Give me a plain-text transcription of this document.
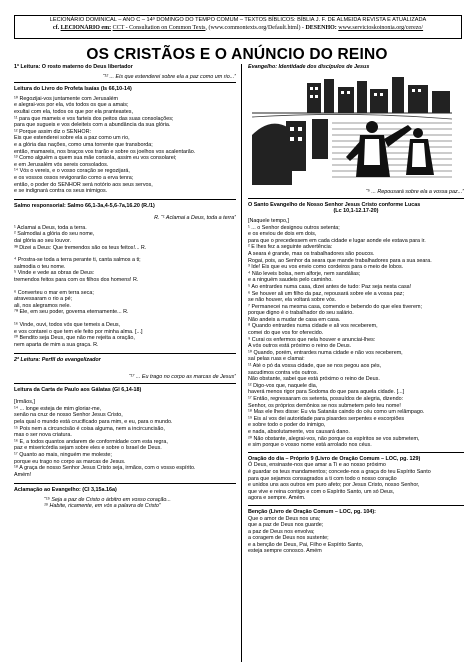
LECIONÁRIO DOMINICAL – ANO C – 14º DOMINGO DO TEMPO COMUM – TEXTOS BÍBLICOS: BÍBLIA J. F. DE ALMEIDA REVISTA E ATUALIZADA
cf. LECIONÁRIO em: CCT - Consultation on Common Texts, (www.commontexts.org/Default.html) - DESENHO: www.servicioskoinonia.org/cerezo/
OS CRISTÃOS E O ANÚNCIO DO REINO
1ª Leitura: O rosto materno do Deus libertador
“¹² ... Eis que estenderei sobre ela a paz como um rio...”
Leitura do Livro do Profeta Isaías (Is 66,10-14)

¹⁰ Regozijai-vos juntamente com Jerusalém

e alegrai-vos por ela, vós todos os que a amais;

exultai com ela, todos os que por ela pranteastes,

¹¹ para que mameis e vos fartеis dos peitos das suas consolações;

para que sugueis e vos deleiteis com a abundância da sua glória.

¹² Porque assim diz o SENHOR:

Eis que estenderei sobre ela a paz como um rio,

e a glória das nações, como uma torrente que transborda;

então, mamareis, nos braços vos trarão e sobre os joelhos vos acalentarão.

¹³ Como alguém a quem sua mãe consola, assim eu vos consolarei;

e em Jerusalém vós sereis consolados.

¹⁴ Vós o vereis, e o vosso coração se regozijará,

e os vossos ossos revigorarão como a erva tenra;

então, o poder do SENHOR será notório aos seus servos,

e se indignará contra os seus inimigos.

Salmo responsorial: Salmo 66,1-3a,4-5,6-7a,16.20 (R./1)
R. “¹ Aclamai a Deus, toda a terra”

¹ Aclamai a Deus, toda a terra.

² Salmodiai a glória do seu nome,

dai glória ao seu louvor.

³ª Dizei a Deus: Que tremendos são os teus feitos!... R.

⁴ Prostra-se toda a terra perante ti, canta salmos a ti;

salmodia o teu nome.

⁵ Vinde e vede as obras de Deus:

tremendos feitos para com os filhos dos homens! R.

⁶ Converteu o mar em terra seca;

atravessaram o rio a pé;

ali, nos alegramos nele.

⁷ª Ele, em seu poder, governa eternamente... R.

¹⁶ Vinde, ouvi, todos vós que temeis a Deus,

e vos contarei o que tem ele feito por minha alma. [...]

²⁰ Bendito seja Deus, que não me rejeita a oração,

nem aparta de mim a sua graça. R.

2ª Leitura: Perfil do evangelizador
“¹⁷ ... Eu trago no corpo as marcas de Jesus”
Leitura da Carta de Paulo aos Gálatas (Gl 6,14-18)

[Irmãos,]

¹⁴ ... longe esteja de mim gloriar-me,

senão na cruz de nosso Senhor Jesus Cristo,

pela qual o mundo está crucificado para mim, e eu, para o mundo.

¹⁵ Pois nem a circuncisão é coisa alguma, nem a incircuncisão,

mas o ser nova criatura.

¹⁶ E, a todos quantos andarem de conformidade com esta regra,

paz e misericórdia sejam sobre eles e sobre o Israel de Deus.

¹⁷ Quanto ao mais, ninguém me moleste;

porque eu trago no corpo as marcas de Jesus.

¹⁸ A graça de nosso Senhor Jesus Cristo seja, irmãos, com o vosso espírito.

Amém!

Aclamação ao Evangelho: (Cl 3,15a.16a)

“¹⁵ Seja a paz de Cristo o árbitro em vosso coração...

¹⁶ Habite, ricamente, em vós a palavra de Cristo”

Evangelho: Identidade dos discípulos de Jesus
“⁵ ... Repousará sobre ela a vossa paz...”
O Santo Evangelho de Nosso Senhor Jesus Cristo conforme Lucas
(Lc 10,1-12.17-20)

[Naquele tempo,]

¹ ... o Senhor designou outros setenta;

e os enviou de dois em dois,

para que o precedessem em cada cidade e lugar aonde ele estava para ir.

² E lhes fez a seguinte advertência:

A seara é grande, mas os trabalhadores são poucos.

Rogai, pois, ao Senhor da seara que mande trabalhadores para a sua seara.

³ Ide! Eis que eu vos envio como cordeiros para o meio de lobos.

⁴ Não leveis bolsa, nem alforje, nem sandálias;

e a ninguém saudeis pelo caminho.

⁵ Ao entrardes numa casa, dizei antes de tudo: Paz seja nesta casa!

⁶ Se houver ali um filho da paz, repousará sobre ele a vossa paz;

se não houver, ela voltará sobre vós.

⁷ Permanecei na mesma casa, comendo e bebendo do que eles tiverem;

porque digno é o trabalhador do seu salário.

Não andeis a mudar de casa em casa.

⁸ Quando entrardes numa cidade e ali vos receberem,

comei do que vos for oferecido.

⁹ Curai os enfermos que nela houver e anunciai-lhes:

A vós outros está próximo o reino de Deus.

¹⁰ Quando, porém, entrardes numa cidade e não vos receberem,

saí pelas ruas e clamai:

¹¹ Até o pó da vossa cidade, que se nos pegou aos pés,

sacudimos contra vós outros.

Não obstante, sabei que está próximo o reino de Deus.

¹² Digo-vos que, naquele dia,

haverá menos rigor para Sodoma do que para aquela cidade. [...]

¹⁷ Então, regressaram os setenta, possuídos de alegria, dizendo:

Senhor, os próprios demônios se nos submetem pelo teu nome!

¹⁸ Mas ele lhes disse: Eu via Satanás caindo do céu como um relâmpago.

¹⁹ Eis aí vos dei autoridade para pisardes serpentes e escorpiões

e sobre todo o poder do inimigo,

e nada, absolutamente, vos causará dano.

²⁰ Não obstante, alegrai-vos, não porque os espíritos se vos submetem,

e sim porque o vosso nome está arrolado nos céus.

Oração do dia – Próprio 9 (Livro de Oração Comum – LOC, pg. 129)

Ó Deus, ensinaste-nos que amar a Ti e ao nosso próximo

é guardar os teus mandamentos; concede-nos a graça do teu Espírito Santo

para que sejamos consagrados a ti com todo o nosso coração

e unidos uns aos outros em puro afeto; por Jesus Cristo, nosso Senhor,

que vive e reina contigo e com o Espírito Santo, um só Deus,

agora e sempre. Amém.

Benção (Livro de Oração Comum – LOC, pg. 104):

Que o amor de Deus nos una;

que a paz de Deus nos guarde;

a paz de Deus nos envolva;

a coragem de Deus nos sustente;

e a benção de Deus, Pai, Filho e Espírito Santo,

esteja sempre conosco. Amém
